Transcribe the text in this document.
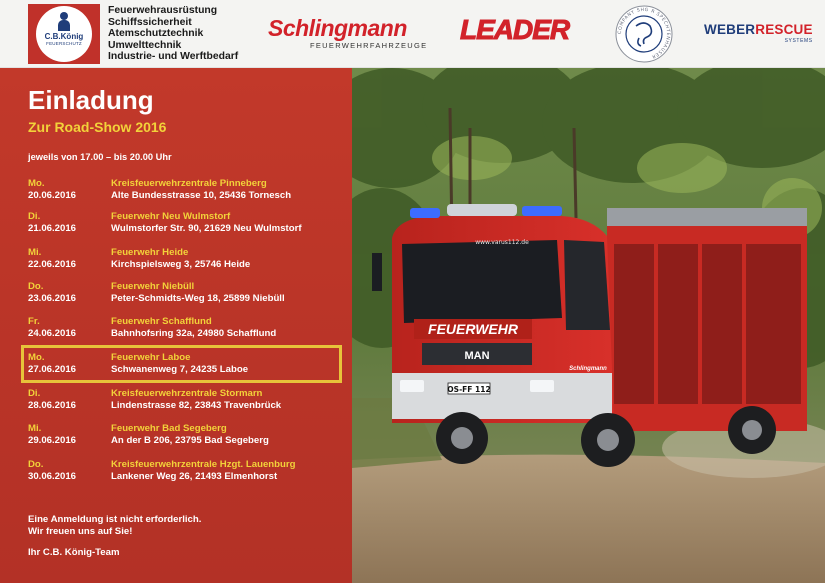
C.B.König
FEUERSCHUTZ
Feuerwehrausrüstung
Schiffssicherheit
Atemschutztechnik
Umwelttechnik
Industrie- und Werftbedarf
Schlingmann
FEUERWEHRFAHRZEUGE
LEADER	COMPANY SHG R SPECHTENHAUSER
WEBERRESCUE
SYSTEMS
FEUERWEHR
MAN
OS-FF 112
www.varus112.de
Schlingmann
Einladung
Zur Road-Show 2016
jeweils von 17.00 – bis 20.00 Uhr
Mo.
20.06.2016
Kreisfeuerwehrzentrale Pinneberg
Alte Bundesstrasse 10, 25436 Tornesch
Di.
21.06.2016
Feuerwehr Neu Wulmstorf
Wulmstorfer Str. 90, 21629 Neu Wulmstorf
Mi.
22.06.2016
Feuerwehr Heide
Kirchspielsweg 3, 25746 Heide
Do.
23.06.2016
Feuerwehr Niebüll
Peter-Schmidts-Weg 18, 25899 Niebüll
Fr.
24.06.2016
Feuerwehr Schafflund
Bahnhofsring 32a, 24980 Schafflund
Mo.
27.06.2016
Feuerwehr Laboe
Schwanenweg 7, 24235 Laboe
Di.
28.06.2016
Kreisfeuerwehrzentrale Stormarn
Lindenstrasse 82, 23843 Travenbrück
Mi.
29.06.2016
Feuerwehr Bad Segeberg
An der B 206, 23795 Bad Segeberg
Do.
30.06.2016
Kreisfeuerwehrzentrale Hzgt. Lauenburg
Lankener Weg 26, 21493 Elmenhorst
Eine Anmeldung ist nicht erforderlich.
Wir freuen uns auf Sie!
Ihr C.B. König-Team
